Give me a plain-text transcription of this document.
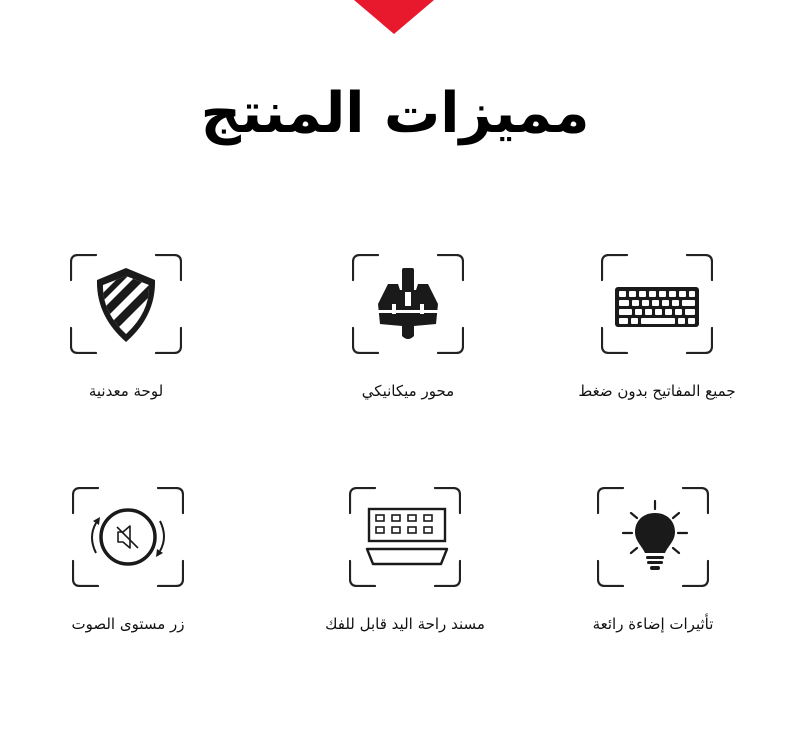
مميزات المنتج
لوحة معدنية	محور ميكانيكي	جميع المفاتيح بدون ضغط
زر مستوى الصوت	مسند راحة اليد قابل للفك	تأثيرات إضاءة رائعة
